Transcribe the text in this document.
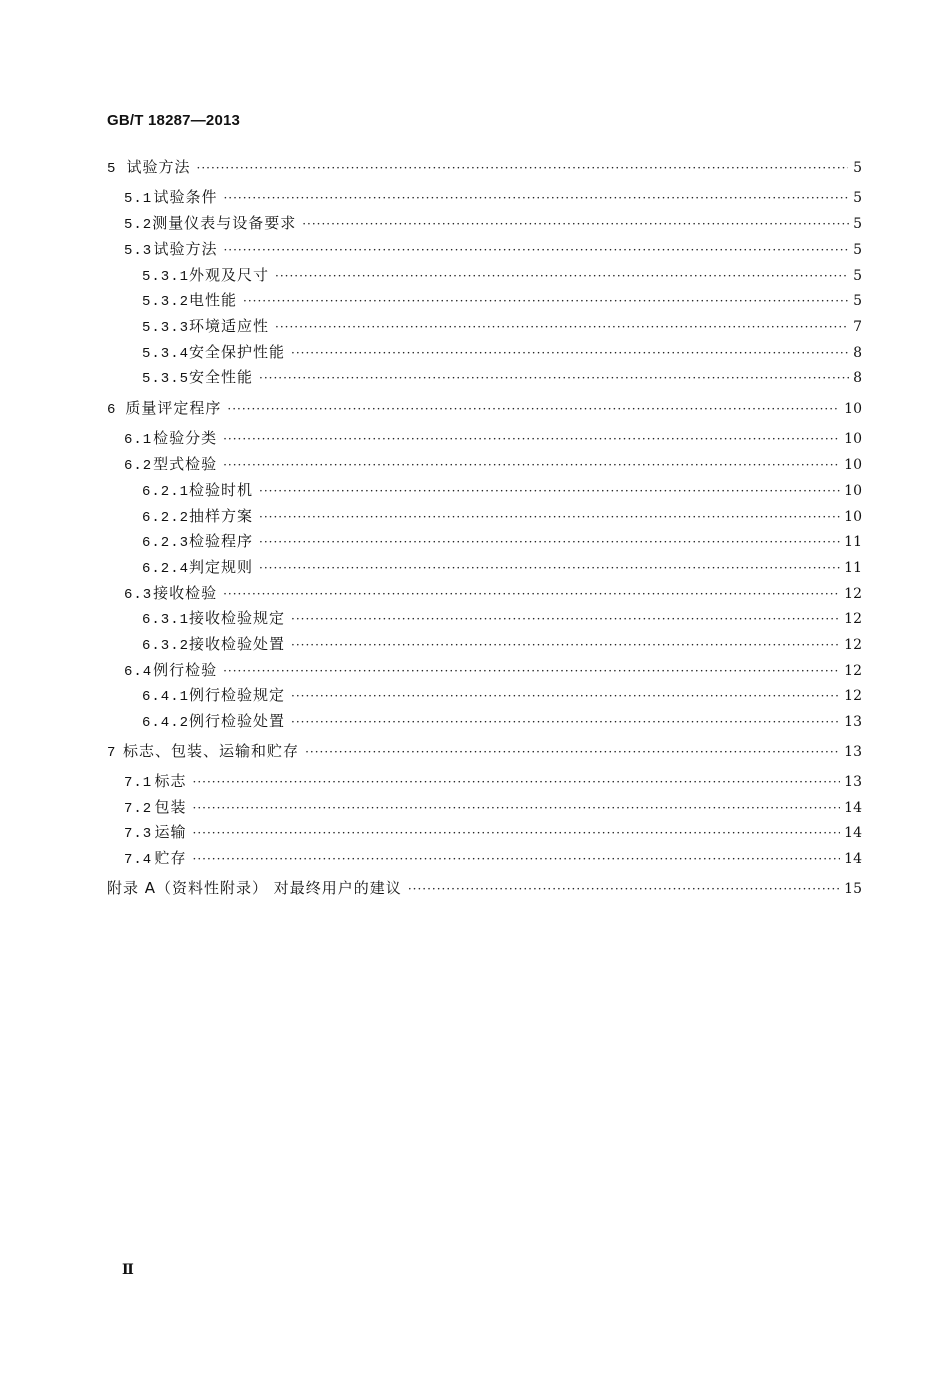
GB/T 18287—2013
5 试验方法 ·····	5
5.1 试验条件 ·····	5
5.2 测量仪表与设备要求 ·····	5
5.3 试验方法 ·····	5
5.3.1 外观及尺寸 ·····	5
5.3.2 电性能 ·····	5
5.3.3 环境适应性 ·····	7
5.3.4 安全保护性能 ·····	8
5.3.5 安全性能 ·····	8
6 质量评定程序 ·····	10
6.1 检验分类 ·····	10
6.2 型式检验 ·····	10
6.2.1 检验时机 ·····	10
6.2.2 抽样方案 ·····	10
6.2.3 检验程序 ·····	11
6.2.4 判定规则 ·····	11
6.3 接收检验 ·····	12
6.3.1 接收检验规定 ·····	12
6.3.2 接收检验处置 ·····	12
6.4 例行检验 ·····	12
6.4.1 例行检验规定 ·····	12
6.4.2 例行检验处置 ·····	13
7 标志、包装、运输和贮存 ·····	13
7.1 标志 ·····	13
7.2 包装 ·····	14
7.3 运输 ·····	14
7.4 贮存 ·····	14
附录 A（资料性附录） 对最终用户的建议 ·····	15
Ⅱ
